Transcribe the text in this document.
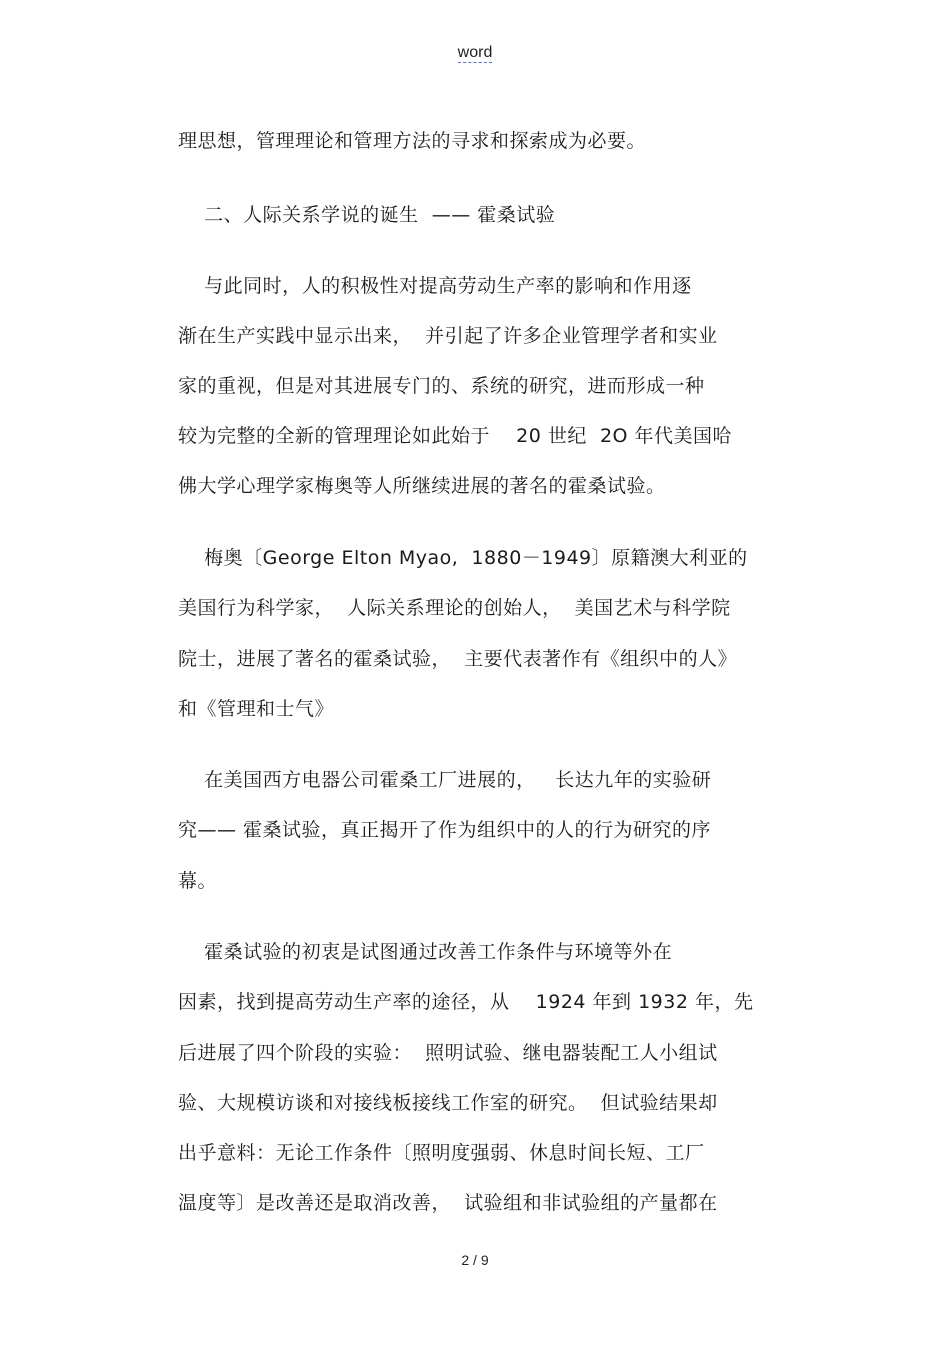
word
理思想，管理理论和管理方法的寻求和探索成为必要。
二、人际关系学说的诞生  —— 霍桑试验
与此同时，人的积极性对提高劳动生产率的影响和作用逐
渐在生产实践中显示出来，  并引起了许多企业管理学者和实业
家的重视，但是对其进展专门的、系统的研究，进而形成一种
较为完整的全新的管理理论如此始于    20 世纪  2O 年代美国哈
佛大学心理学家梅奥等人所继续进展的著名的霍桑试验。
梅奥〔George Elton Myao,  1880－1949〕原籍澳大利亚的
美国行为科学家，  人际关系理论的创始人，  美国艺术与科学院
院士，进展了著名的霍桑试验，  主要代表著作有《组织中的人》
和《管理和士气》
在美国西方电器公司霍桑工厂进展的，   长达九年的实验研
究—— 霍桑试验，真正揭开了作为组织中的人的行为研究的序
幕。
霍桑试验的初衷是试图通过改善工作条件与环境等外在
因素，找到提高劳动生产率的途径，从    1924 年到 1932 年，先
后进展了四个阶段的实验：  照明试验、继电器装配工人小组试
验、大规模访谈和对接线板接线工作室的研究。  但试验结果却
出乎意料：无论工作条件〔照明度强弱、休息时间长短、工厂
温度等〕是改善还是取消改善，  试验组和非试验组的产量都在
2 / 9
